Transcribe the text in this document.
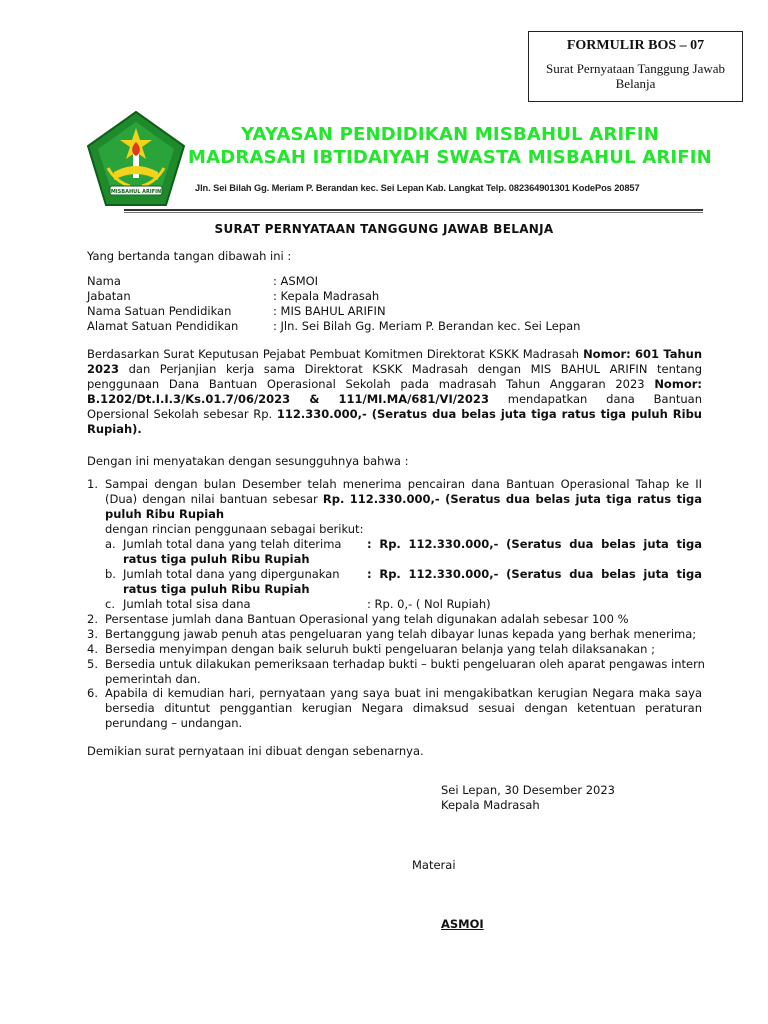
FORMULIR BOS – 07
Surat Pernyataan Tanggung Jawab Belanja
MISBAHUL ARIFIN
YAYASAN PENDIDIKAN MISBAHUL ARIFIN
MADRASAH IBTIDAIYAH SWASTA MISBAHUL ARIFIN
Jln. Sei Bilah Gg. Meriam P. Berandan kec. Sei Lepan Kab. Langkat Telp. 082364901301 KodePos 20857
SURAT PERNYATAAN TANGGUNG JAWAB BELANJA
Yang bertanda tangan dibawah ini :
Nama	: ASMOI
Jabatan	: Kepala Madrasah
Nama Satuan Pendidikan	: MIS BAHUL ARIFIN
Alamat Satuan Pendidikan	: Jln. Sei Bilah Gg. Meriam P. Berandan kec. Sei Lepan
Berdasarkan Surat Keputusan Pejabat Pembuat Komitmen Direktorat KSKK Madrasah Nomor: 601 Tahun
2023 dan Perjanjian kerja sama Direktorat KSKK Madrasah dengan MIS BAHUL ARIFIN tentang
penggunaan Dana Bantuan Operasional Sekolah pada madrasah Tahun Anggaran 2023 Nomor:
B.1202/Dt.I.I.3/Ks.01.7/06/2023 & 111/MI.MA/681/VI/2023 mendapatkan dana Bantuan
Opersional Sekolah sebesar Rp. 112.330.000,- (Seratus dua belas juta tiga ratus tiga puluh Ribu
Rupiah).
Dengan ini menyatakan dengan sesungguhnya bahwa :
1. Sampai dengan bulan Desember telah menerima pencairan dana Bantuan Operasional Tahap ke II
(Dua) dengan nilai bantuan sebesar Rp. 112.330.000,- (Seratus dua belas juta tiga ratus tiga
puluh Ribu Rupiah
dengan rincian penggunaan sebagai berikut:
a. Jumlah total dana yang telah diterima : Rp. 112.330.000,- (Seratus dua belas juta tiga
ratus tiga puluh Ribu Rupiah
b. Jumlah total dana yang dipergunakan : Rp. 112.330.000,- (Seratus dua belas juta tiga
ratus tiga puluh Ribu Rupiah
c. Jumlah total sisa dana	: Rp. 0,- ( Nol Rupiah)
2. Persentase jumlah dana Bantuan Operasional yang telah digunakan adalah sebesar 100 %
3. Bertanggung jawab penuh atas pengeluaran yang telah dibayar lunas kepada yang berhak menerima;
4. Bersedia menyimpan dengan baik seluruh bukti pengeluaran belanja yang telah dilaksanakan ;
5. Bersedia untuk dilakukan pemeriksaan terhadap bukti – bukti pengeluaran oleh aparat pengawas intern
pemerintah dan.
6. Apabila di kemudian hari, pernyataan yang saya buat ini mengakibatkan kerugian Negara maka saya
bersedia dituntut penggantian kerugian Negara dimaksud sesuai dengan ketentuan peraturan
perundang – undangan.
Demikian surat pernyataan ini dibuat dengan sebenarnya.
Sei Lepan, 30 Desember 2023
Kepala Madrasah
Materai
ASMOI
